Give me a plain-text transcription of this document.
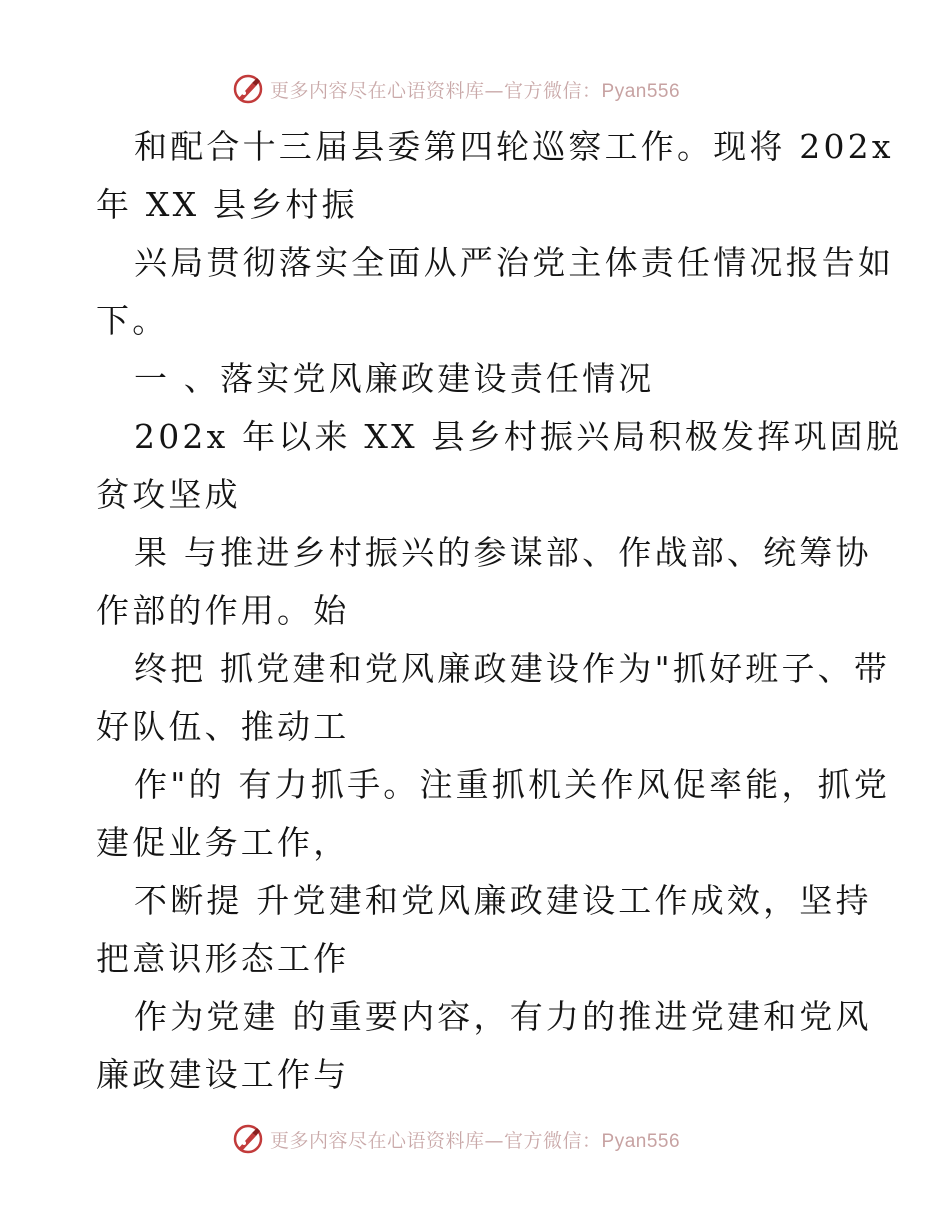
更多内容尽在心语资料库—官方微信：Pyan556
和配合十三届县委第四轮巡察工作。现将 202x
年 XX 县乡村振
兴局贯彻落实全面从严治党主体责任情况报告如
下。
一 、落实党风廉政建设责任情况
202x 年以来 XX 县乡村振兴局积极发挥巩固脱
贫攻坚成
果 与推进乡村振兴的参谋部、作战部、统筹协
作部的作用。始
终把 抓党建和党风廉政建设作为"抓好班子、带
好队伍、推动工
作"的 有力抓手。注重抓机关作风促率能，抓党
建促业务工作，
不断提 升党建和党风廉政建设工作成效，坚持
把意识形态工作
作为党建 的重要内容，有力的推进党建和党风
廉政建设工作与
更多内容尽在心语资料库—官方微信：Pyan556
